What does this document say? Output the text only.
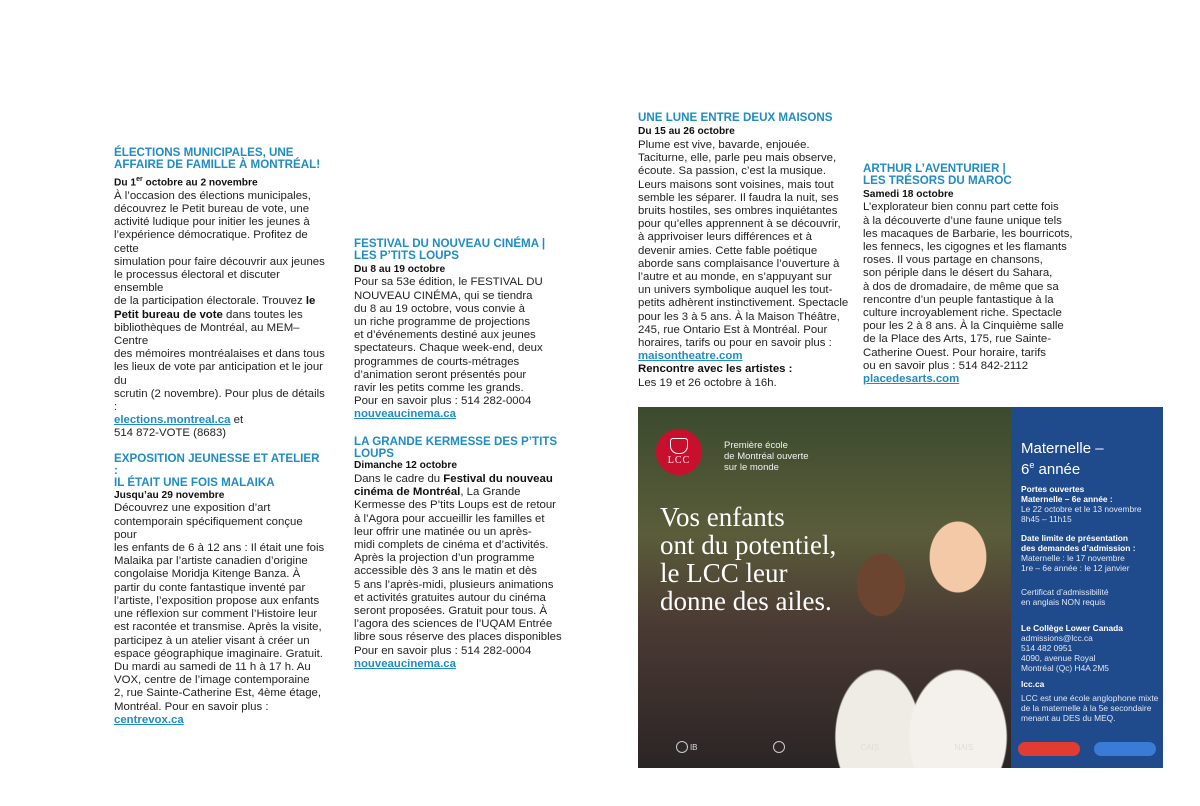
ÉLECTIONS MUNICIPALES, UNE AFFAIRE DE FAMILLE À MONTRÉAL!
Du 1er octobre au 2 novembre
À l’occasion des élections municipales,
découvrez le Petit bureau de vote, une
activité ludique pour initier les jeunes à
l’expérience démocratique. Profitez de cette
simulation pour faire découvrir aux jeunes
le processus électoral et discuter ensemble
de la participation électorale. Trouvez le
Petit bureau de vote dans toutes les
bibliothèques de Montréal, au MEM– Centre
des mémoires montréalaises et dans tous
les lieux de vote par anticipation et le jour du
scrutin (2 novembre). Pour plus de détails :
elections.montreal.ca et
514 872-VOTE (8683)
EXPOSITION JEUNESSE ET ATELIER :
IL ÉTAIT UNE FOIS MALAIKA
Jusqu’au 29 novembre
Découvrez une exposition d’art
contemporain spécifiquement conçue pour
les enfants de 6 à 12 ans : Il était une fois
Malaika par l’artiste canadien d’origine
congolaise Moridja Kitenge Banza. À
partir du conte fantastique inventé par
l’artiste, l’exposition propose aux enfants
une réflexion sur comment l’Histoire leur
est racontée et transmise. Après la visite,
participez à un atelier visant à créer un
espace géographique imaginaire. Gratuit.
Du mardi au samedi de 11 h à 17 h. Au
VOX, centre de l’image contemporaine
2, rue Sainte-Catherine Est, 4ème étage,
Montréal. Pour en savoir plus : centrevox.ca
FESTIVAL DU NOUVEAU CINÉMA |
LES P’TITS LOUPS
Du 8 au 19 octobre
Pour sa 53e édition, le FESTIVAL DU
NOUVEAU CINÉMA, qui se tiendra
du 8 au 19 octobre, vous convie à
un riche programme de projections
et d’événements destiné aux jeunes
spectateurs. Chaque week-end, deux
programmes de courts-métrages
d’animation seront présentés pour
ravir les petits comme les grands.
Pour en savoir plus : 514 282-0004
nouveaucinema.ca
LA GRANDE KERMESSE DES P’TITS
LOUPS
Dimanche 12 octobre
Dans le cadre du Festival du nouveau
cinéma de Montréal, La Grande
Kermesse des P’tits Loups est de retour
à l’Agora pour accueillir les familles et
leur offrir une matinée ou un après-
midi complets de cinéma et d’activités.
Après la projection d’un programme
accessible dès 3 ans le matin et dès
5 ans l’après-midi, plusieurs animations
et activités gratuites autour du cinéma
seront proposées. Gratuit pour tous. À
l’agora des sciences de l’UQAM Entrée
libre sous réserve des places disponibles
Pour en savoir plus : 514 282-0004
nouveaucinema.ca
UNE LUNE ENTRE DEUX MAISONS
Du 15 au 26 octobre
Plume est vive, bavarde, enjouée.
Taciturne, elle, parle peu mais observe,
écoute. Sa passion, c’est la musique.
Leurs maisons sont voisines, mais tout
semble les séparer. Il faudra la nuit, ses
bruits hostiles, ses ombres inquiétantes
pour qu’elles apprennent à se découvrir,
à apprivoiser leurs différences et à
devenir amies. Cette fable poétique
aborde sans complaisance l’ouverture à
l’autre et au monde, en s’appuyant sur
un univers symbolique auquel les tout-
petits adhèrent instinctivement. Spectacle
pour les 3 à 5 ans. À la Maison Théâtre,
245, rue Ontario Est à Montréal. Pour
horaires, tarifs ou pour en savoir plus :
maisontheatre.com
Rencontre avec les artistes :
Les 19 et 26 octobre à 16h.
ARTHUR L’AVENTURIER |
LES TRÉSORS DU MAROC
Samedi 18 octobre
L’explorateur bien connu part cette fois
à la découverte d’une faune unique tels
les macaques de Barbarie, les bourricots,
les fennecs, les cigognes et les flamants
roses. Il vous partage en chansons,
son périple dans le désert du Sahara,
à dos de dromadaire, de même que sa
rencontre d’un peuple fantastique à la
culture incroyablement riche. Spectacle
pour les 2 à 8 ans. À la Cinquième salle
de la Place des Arts, 175, rue Sainte-
Catherine Ouest. Pour horaire, tarifs
ou en savoir plus : 514 842-2112
placedesarts.com
LCC
Première école
de Montréal ouverte
sur le monde
Vos enfants
ont du potentiel,
le LCC leur
donne des ailes.

IB	CAIS	NAIS
Maternelle –
6e année
Portes ouvertes
Maternelle – 6e année :
Le 22 octobre et le 13 novembre
8h45 – 11h15
Date limite de présentation
des demandes d’admission :
Maternelle : le 17 novembre
1re – 6e année : le 12 janvier
Certificat d’admissibilité
en anglais NON requis
Le Collège Lower Canada
admissions@lcc.ca
514 482 0951
4090, avenue Royal
Montréal (Qc) H4A 2M5
lcc.ca
LCC est une école anglophone mixte
de la maternelle à la 5e secondaire
menant au DES du MEQ.
